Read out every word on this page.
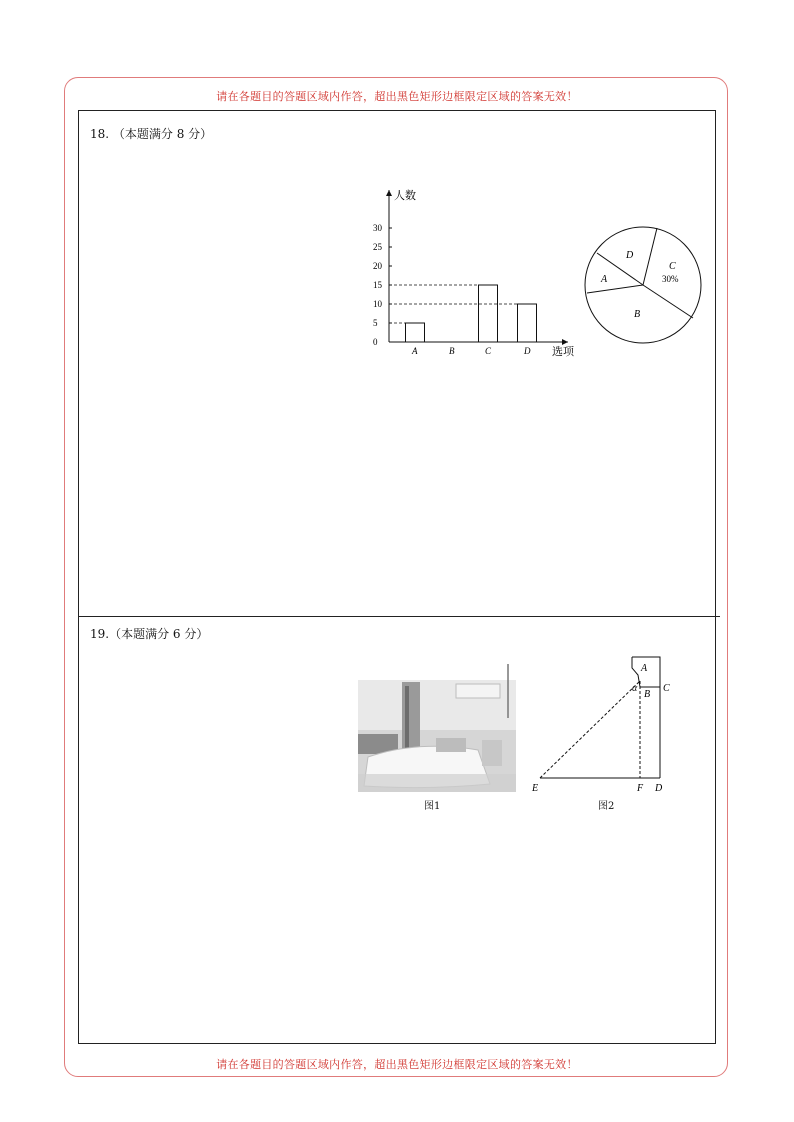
请在各题目的答题区域内作答，超出黑色矩形边框限定区域的答案无效！
请在各题目的答题区域内作答，超出黑色矩形边框限定区域的答案无效！
18. （本题满分 8 分）
19.（本题满分 6 分）
0
5
10
15
20
25
30
A	B	C	D
人数
选项
D
C
30%
A
B
图1
A
α
B
C
E	F D
图2
